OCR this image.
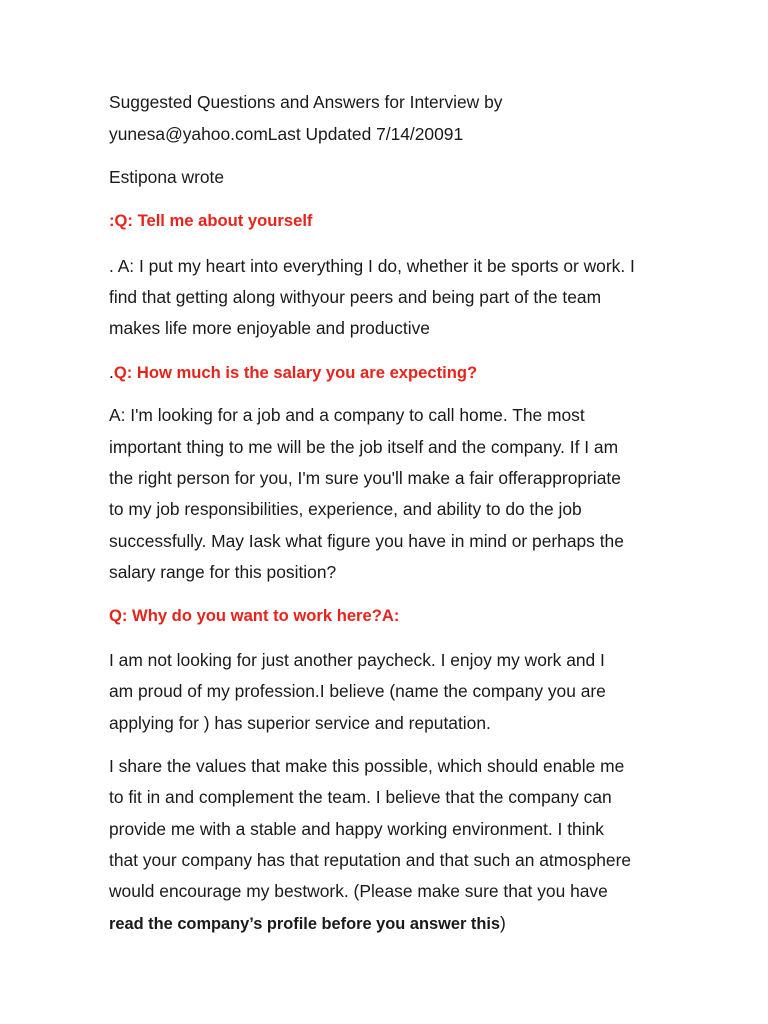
Suggested Questions and Answers for Interview by
yunesa@yahoo.comLast Updated 7/14/20091
Estipona wrote
:Q: Tell me about yourself
. A: I put my heart into everything I do, whether it be sports or work. I
find that getting along withyour peers and being part of the team
makes life more enjoyable and productive
.Q: How much is the salary you are expecting?
A: I'm looking for a job and a company to call home. The most
important thing to me will be the job itself and the company. If I am
the right person for you, I'm sure you'll make a fair offerappropriate
to my job responsibilities, experience, and ability to do the job
successfully. May Iask what figure you have in mind or perhaps the
salary range for this position?
Q: Why do you want to work here?A:
I am not looking for just another paycheck. I enjoy my work and I
am proud of my profession.I believe (name the company you are
applying for ) has superior service and reputation.
I share the values that make this possible, which should enable me
to fit in and complement the team. I believe that the company can
provide me with a stable and happy working environment. I think
that your company has that reputation and that such an atmosphere
would encourage my bestwork. (Please make sure that you have
read the company’s profile before you answer this)
